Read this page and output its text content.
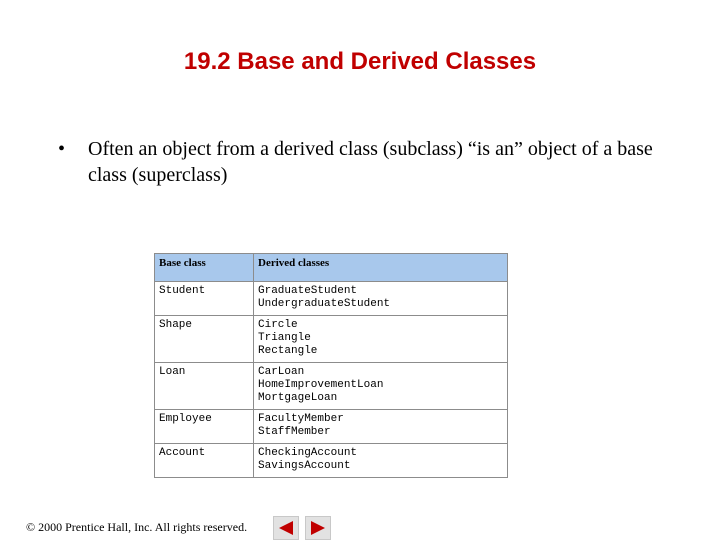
19.2 Base and Derived Classes
• Often an object from a derived class (subclass) “is an” object of a base class (superclass)
Base class	Derived classes
Student	GraduateStudent
UndergraduateStudent

Shape	Circle
Triangle
Rectangle

Loan	CarLoan
HomeImprovementLoan
MortgageLoan

Employee	FacultyMember
StaffMember

Account	CheckingAccount
SavingsAccount
© 2000 Prentice Hall, Inc. All rights reserved.
